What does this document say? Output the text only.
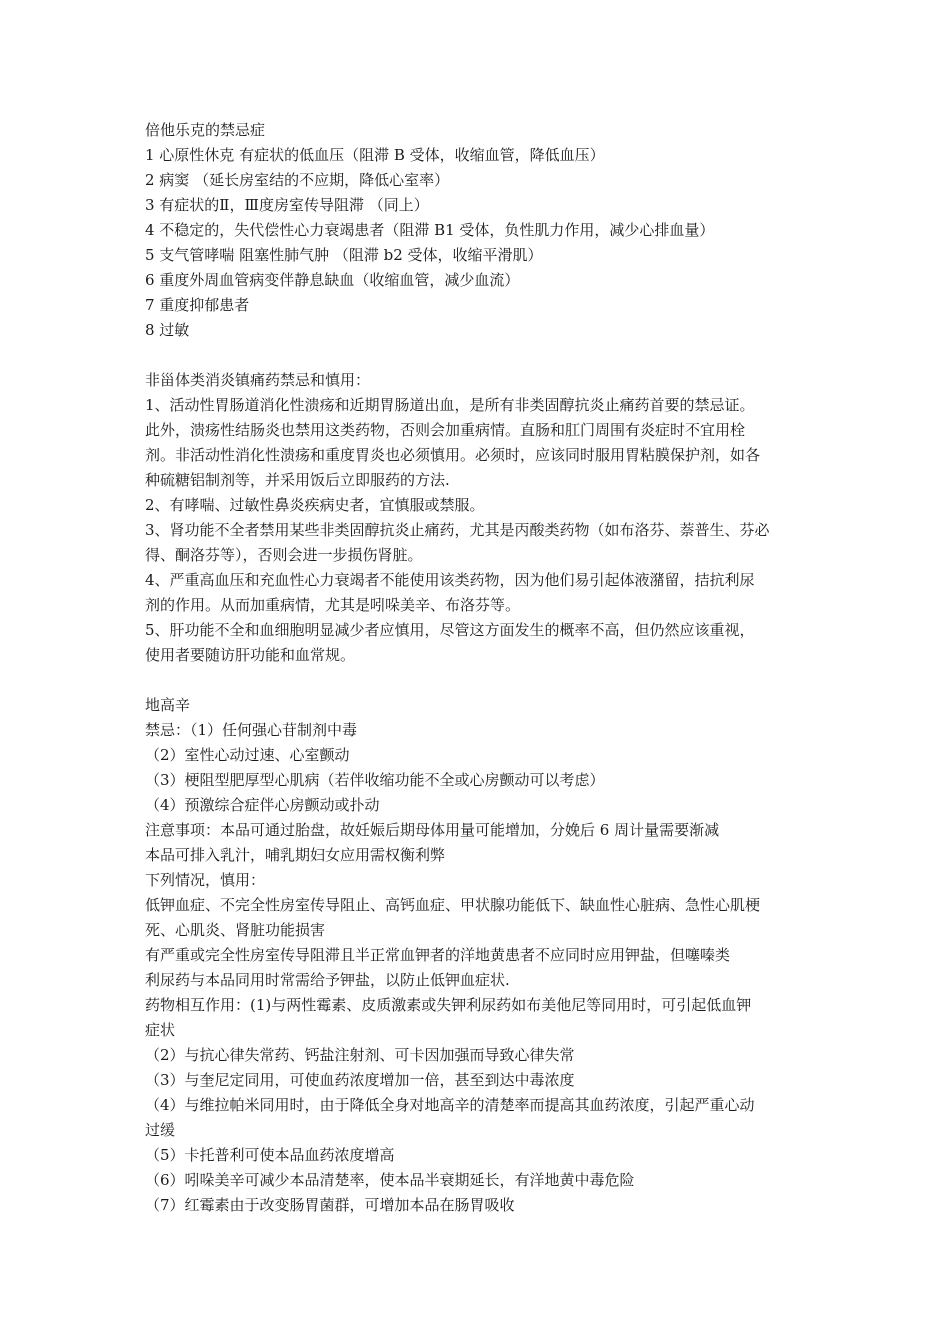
倍他乐克的禁忌症
1 心原性休克 有症状的低血压（阻滞 B 受体，收缩血管，降低血压）
2 病窦 （延长房室结的不应期，降低心室率）
3 有症状的Ⅱ，Ⅲ度房室传导阻滞 （同上）
4 不稳定的，失代偿性心力衰竭患者（阻滞 B1 受体，负性肌力作用，减少心排血量）
5 支气管哮喘 阻塞性肺气肿 （阻滞 b2 受体，收缩平滑肌）
6 重度外周血管病变伴静息缺血（收缩血管，减少血流）
7 重度抑郁患者
8 过敏
非甾体类消炎镇痛药禁忌和慎用：
1、活动性胃肠道消化性溃疡和近期胃肠道出血，是所有非类固醇抗炎止痛药首要的禁忌证。
此外，溃疡性结肠炎也禁用这类药物，否则会加重病情。直肠和肛门周围有炎症时不宜用栓
剂。非活动性消化性溃疡和重度胃炎也必须慎用。必须时，应该同时服用胃粘膜保护剂，如各
种硫糖铝制剂等，并采用饭后立即服药的方法.
2、有哮喘、过敏性鼻炎疾病史者，宜慎服或禁服。
3、肾功能不全者禁用某些非类固醇抗炎止痛药，尤其是丙酸类药物（如布洛芬、萘普生、芬必
得、酮洛芬等），否则会进一步损伤肾脏。
4、严重高血压和充血性心力衰竭者不能使用该类药物，因为他们易引起体液潴留，拮抗利尿
剂的作用。从而加重病情，尤其是吲哚美辛、布洛芬等。
5、肝功能不全和血细胞明显减少者应慎用，尽管这方面发生的概率不高，但仍然应该重视，
使用者要随访肝功能和血常规。
地高辛
禁忌：（1）任何强心苷制剂中毒
（2）室性心动过速、心室颤动
（3）梗阻型肥厚型心肌病（若伴收缩功能不全或心房颤动可以考虑）
（4）预激综合症伴心房颤动或扑动
注意事项：本品可通过胎盘，故妊娠后期母体用量可能增加，分娩后 6 周计量需要渐减
本品可排入乳汁，哺乳期妇女应用需权衡利弊
下列情况，慎用：
低钾血症、不完全性房室传导阻止、高钙血症、甲状腺功能低下、缺血性心脏病、急性心肌梗
死、心肌炎、肾脏功能损害
有严重或完全性房室传导阻滞且半正常血钾者的洋地黄患者不应同时应用钾盐，但噻嗪类
利尿药与本品同用时常需给予钾盐，以防止低钾血症状.
药物相互作用：(1)与两性霉素、皮质激素或失钾利尿药如布美他尼等同用时，可引起低血钾
症状
（2）与抗心律失常药、钙盐注射剂、可卡因加强而导致心律失常
（3）与奎尼定同用，可使血药浓度增加一倍，甚至到达中毒浓度
（4）与维拉帕米同用时，由于降低全身对地高辛的清楚率而提高其血药浓度，引起严重心动
过缓
（5）卡托普利可使本品血药浓度增高
（6）吲哚美辛可减少本品清楚率，使本品半衰期延长，有洋地黄中毒危险
（7）红霉素由于改变肠胃菌群，可增加本品在肠胃吸收
